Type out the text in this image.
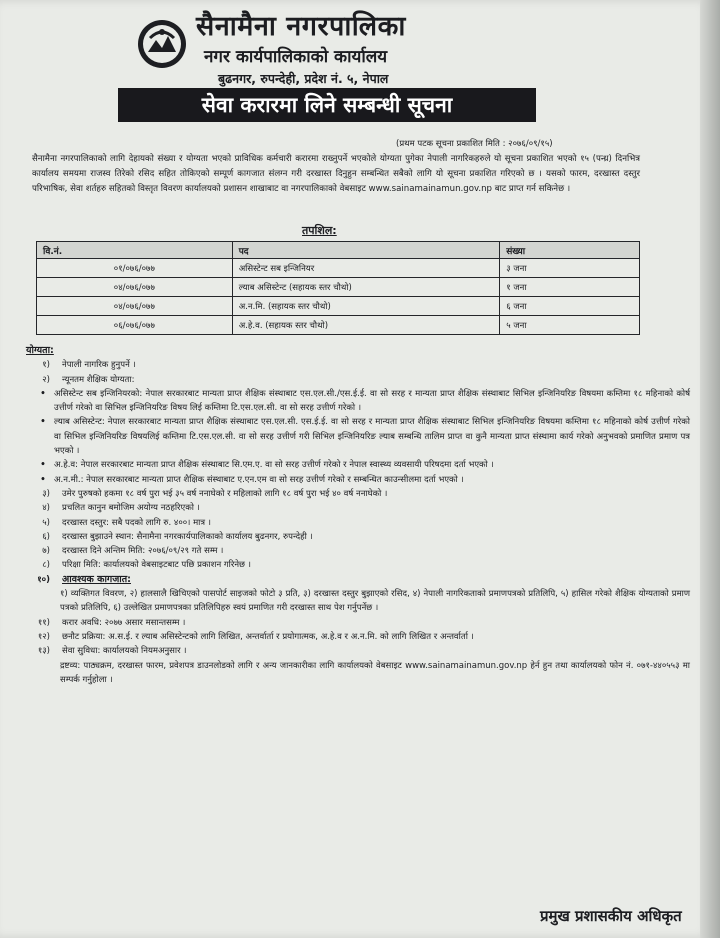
सैनामैना नगरपालिका
नगर कार्यपालिकाको कार्यालय
बुढनगर, रुपन्देही, प्रदेश नं. ५, नेपाल
सेवा करारमा लिने सम्बन्धी सूचना
(प्रथम पटक सूचना प्रकाशित मिति : २०७६/०९/१५)
सैनामैना नगरपालिकाको लागि देहायको संख्या र योग्यता भएको प्राविधिक कर्मचारी करारमा राख्नुपर्ने भएकोले योग्यता पुगेका नेपाली नागरिकहरुले यो सूचना प्रकाशित भएको १५ (पन्ध्र) दिनभित्र कार्यालय समयमा राजस्व तिरेको रसिद सहित तोकिएको सम्पूर्ण कागजात संलग्न गरी दरखास्त दिनुहुन सम्बन्धित सबैको लागि यो सूचना प्रकाशित गरिएको छ । यसको फारम, दरखास्त दस्तुर परिभाषिक, सेवा शर्तहरु सहितको विस्तृत विवरण कार्यालयको प्रशासन शाखाबाट वा नगरपालिकाको वेबसाइट www.sainamainamun.gov.np बाट प्राप्त गर्न सकिनेछ ।
तपशिल:
वि.नं.	पद	संख्या
०१/०७६/०७७	असिस्टेन्ट सब इन्जिनियर	३ जना
०४/०७६/०७७	ल्याब असिस्टेन्ट (सहायक स्तर चौथो)	१ जना
०४/०७६/०७७	अ.न.मि. (सहायक स्तर चौथो)	६ जना
०६/०७६/०७७	अ.हे.व. (सहायक स्तर चौथो)	५ जना
योग्यता:
१)	नेपाली नागरिक हुनुपर्ने ।
२)	न्यूनतम शैक्षिक योग्यता:
• असिस्टेन्ट सब इन्जिनियरको: नेपाल सरकारबाट मान्यता प्राप्त शैक्षिक संस्थाबाट एस.एल.सी./एस.ई.ई. वा सो सरह र मान्यता प्राप्त शैक्षिक संस्थाबाट सिभिल इन्जिनियरिङ विषयमा कम्तिमा १८ महिनाको कोर्ष उत्तीर्ण गरेको वा सिभिल इन्जिनियरिङ विषय लिई कम्तिमा टि.एस.एल.सी. वा सो सरह उत्तीर्ण गरेको ।
• ल्याब असिस्टेन्ट: नेपाल सरकारबाट मान्यता प्राप्त शैक्षिक संस्थाबाट एस.एल.सी. एस.ई.ई. वा सो सरह र मान्यता प्राप्त शैक्षिक संस्थाबाट सिभिल इन्जिनियरिङ विषयमा कम्तिमा १८ महिनाको कोर्ष उत्तीर्ण गरेको वा सिभिल इन्जिनियरिङ विषयलिई कम्तिमा टि.एस.एल.सी. वा सो सरह उत्तीर्ण गरी सिभिल इन्जिनियरिङ ल्याब सम्बन्धि तालिम प्राप्त वा कुनै मान्यता प्राप्त संस्थामा कार्य गरेको अनुभवको प्रमाणित प्रमाण पत्र भएको ।
• अ.हे.व: नेपाल सरकारबाट मान्यता प्राप्त शैक्षिक संस्थाबाट सि.एम.ए. वा सो सरह उत्तीर्ण गरेको र नेपाल स्वास्थ्य व्यवसायी परिषदमा दर्ता भएको ।
• अ.न.मी.: नेपाल सरकारबाट मान्यता प्राप्त शैक्षिक संस्थाबाट ए.एन.एम वा सो सरह उत्तीर्ण गरेको र सम्बन्धित काउन्सीलमा दर्ता भएको ।
३)	उमेर पुरुषको हकमा १८ वर्ष पुरा भई ३५ वर्ष ननाघेको र महिलाको लागि १८ वर्ष पुरा भई ४० वर्ष ननाघेको ।
४)	प्रचलित कानुन बमोजिम अयोग्य नठहरिएको ।
५)	दरखास्त दस्तुर: सबै पदको लागि रु. ४००। मात्र ।
६)	दरखास्त बुझाउने स्थान: सैनामैना नगरकार्यपालिकाको कार्यालय बुढनगर, रुपन्देही ।
७)	दरखास्त दिने अन्तिम मिति: २०७६/०९/२९ गते सम्म ।
८)	परिक्षा मिति: कार्यालयको वेबसाइटबाट पछि प्रकाशन गरिनेछ ।
१०)	आवश्यक कागजात:
१) व्यक्तिगत विवरण, २) हालसालै खिचिएको पासपोर्ट साइजको फोटो ३ प्रति, ३) दरखास्त दस्तुर बुझाएको रसिद, ४) नेपाली नागरिकताको प्रमाणपत्रको प्रतिलिपि, ५) हासिल गरेको शैक्षिक योग्यताको प्रमाण पत्रको प्रतिलिपि, ६) उल्लेखित प्रमाणपत्रका प्रतिलिपिहरु स्वयं प्रमाणित गरी दरखास्त साथ पेश गर्नुपर्नेछ ।
११)	करार अवधि: २०७७ असार मसान्तसम्म ।
१२)	छनौट प्रक्रिया: अ.स.ई. र ल्याब असिस्टेन्टको लागि लिखित, अन्तर्वार्ता र प्रयोगात्मक, अ.हे.व र अ.न.मि. को लागि लिखित र अन्तर्वार्ता ।
१३)	सेवा सुविधा: कार्यालयको नियमअनुसार ।
द्रष्टव्य: पाठ्यक्रम, दरखास्त फारम, प्रवेशपत्र डाउनलोडको लागि र अन्य जानकारीका लागि कार्यालयको वेबसाइट www.sainamainamun.gov.np हेर्न हुन तथा कार्यालयको फोन नं. ०७१-४४०५५३ मा सम्पर्क गर्नुहोला ।
प्रमुख प्रशासकीय अधिकृत
